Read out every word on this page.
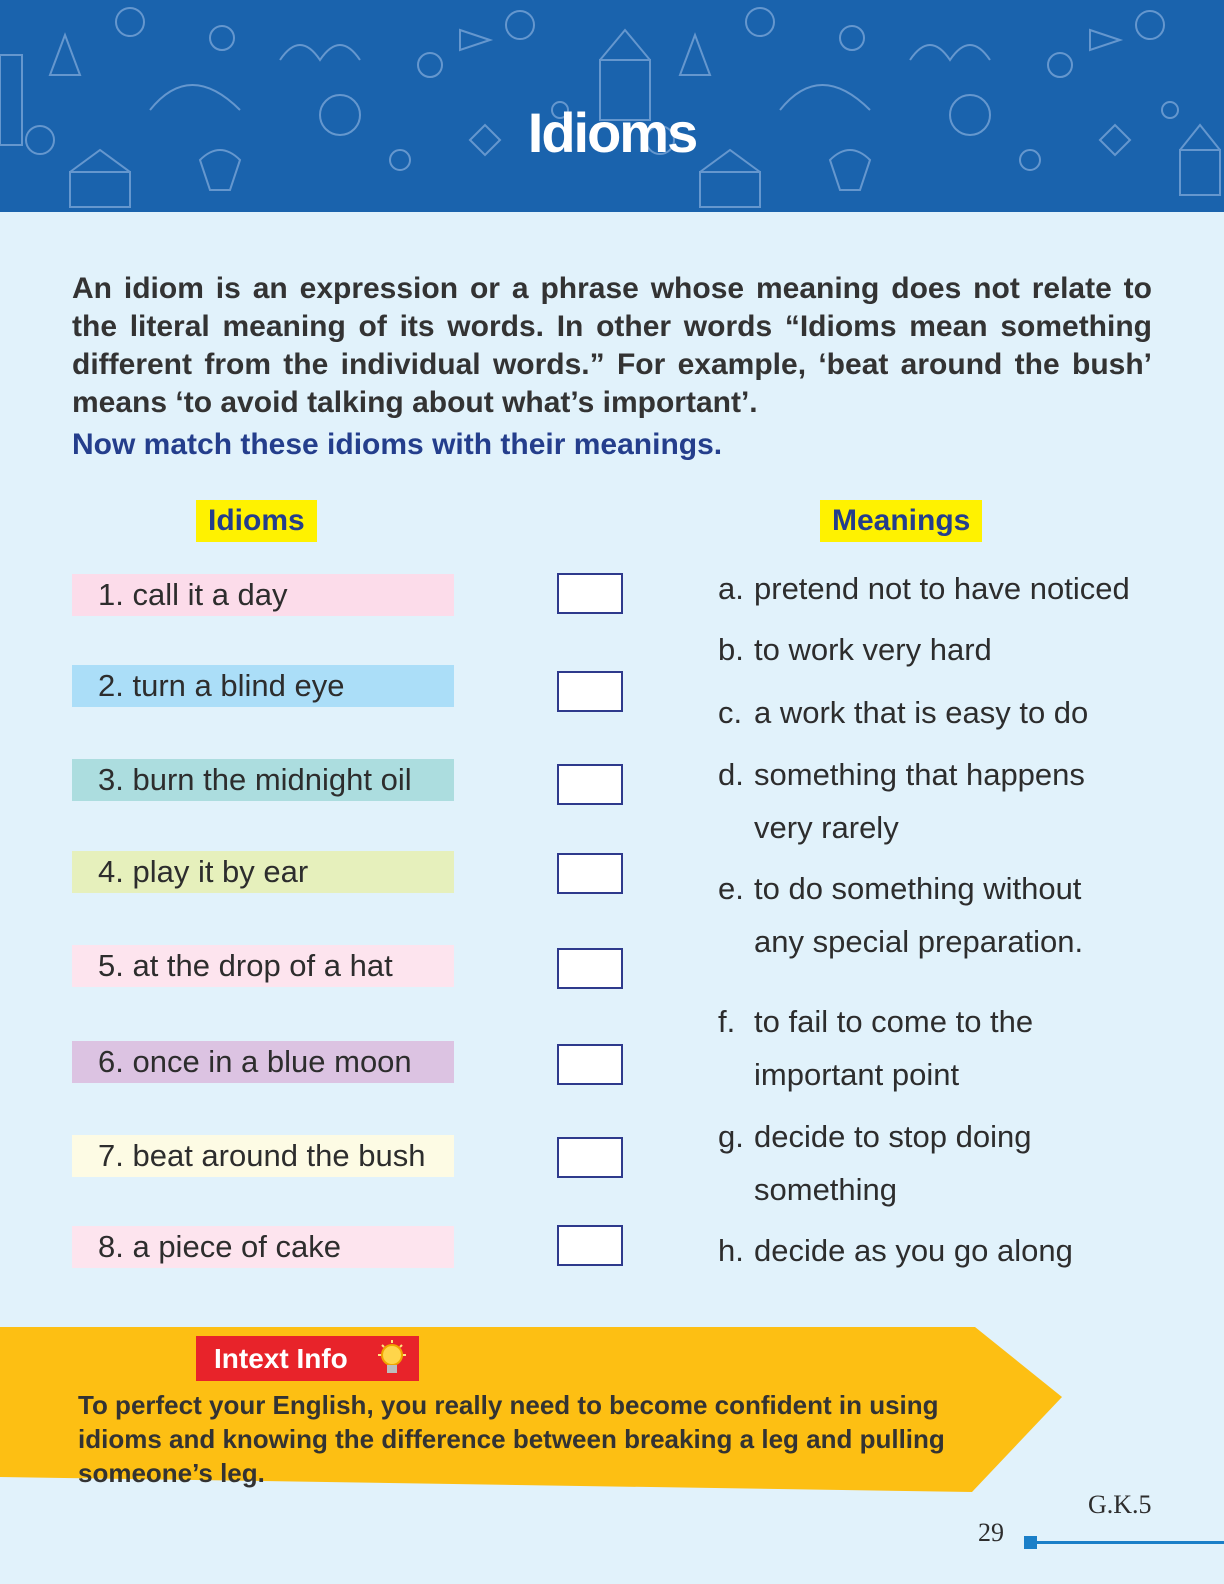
Idioms
An idiom is an expression or a phrase whose meaning does not relate to the literal meaning of its words. In other words “Idioms mean something different from the individual words.” For example, ‘beat around the bush’ means ‘to avoid talking about what’s important’.
Now match these idioms with their meanings.
Idioms	Meanings
1. call it a day
2. turn a blind eye
3. burn the midnight oil
4. play it by ear
5. at the drop of a hat
6. once in a blue moon
7. beat around the bush
8. a piece of cake
a. pretend not to have noticed
b. to work very hard
c. a work that is easy to do
d. something that happens
very rarely
e. to do something without
any special preparation.
f. to fail to come to the
important point
g. decide to stop doing
something
h. decide as you go along
Intext Info
To perfect your English, you really need to become confident in using idioms and knowing the difference between breaking a leg and pulling someone’s leg.
G.K.5
29
